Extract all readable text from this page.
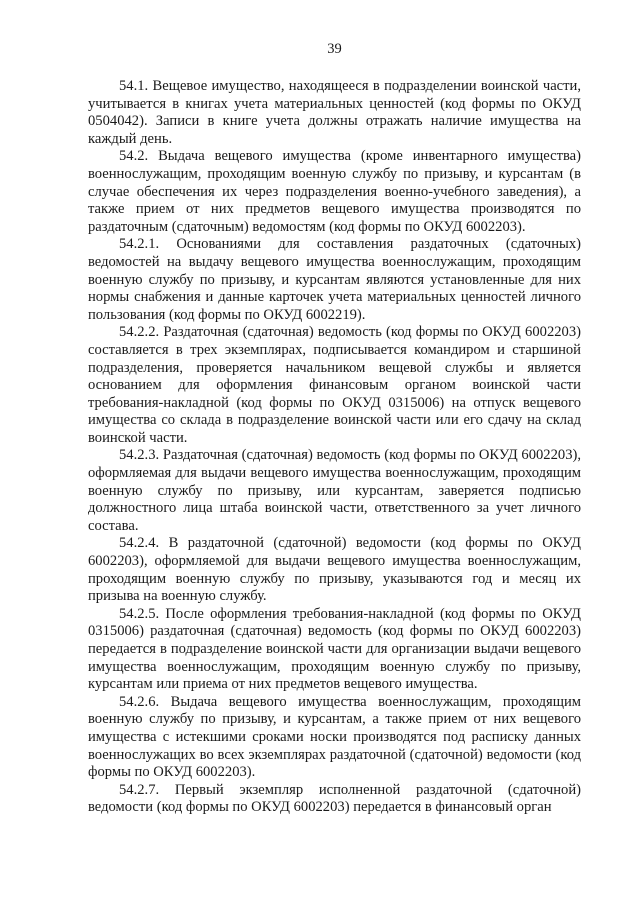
39

54.1. Вещевое имущество, находящееся в подразделении воинской части, учитывается в книгах учета материальных ценностей (код формы по ОКУД 0504042). Записи в книге учета должны отражать наличие имущества на каждый день.

54.2. Выдача вещевого имущества (кроме инвентарного имущества) военнослужащим, проходящим военную службу по призыву, и курсантам (в случае обеспечения их через подразделения военно-учебного заведения), а также прием от них предметов вещевого имущества производятся по раздаточным (сдаточным) ведомостям (код формы по ОКУД 6002203).

54.2.1. Основаниями для составления раздаточных (сдаточных) ведомостей на выдачу вещевого имущества военнослужащим, проходящим военную службу по призыву, и курсантам являются установленные для них нормы снабжения и данные карточек учета материальных ценностей личного пользования (код формы по ОКУД 6002219).

54.2.2. Раздаточная (сдаточная) ведомость (код формы по ОКУД 6002203) составляется в трех экземплярах, подписывается командиром и старшиной подразделения, проверяется начальником вещевой службы и является основанием для оформления финансовым органом воинской части требования-накладной (код формы по ОКУД 0315006) на отпуск вещевого имущества со склада в подразделение воинской части или его сдачу на склад воинской части.

54.2.3. Раздаточная (сдаточная) ведомость (код формы по ОКУД 6002203), оформляемая для выдачи вещевого имущества военнослужащим, проходящим военную службу по призыву, или курсантам, заверяется подписью должностного лица штаба воинской части, ответственного за учет личного состава.

54.2.4. В раздаточной (сдаточной) ведомости (код формы по ОКУД 6002203), оформляемой для выдачи вещевого имущества военнослужащим, проходящим военную службу по призыву, указываются год и месяц их призыва на военную службу.

54.2.5. После оформления требования-накладной (код формы по ОКУД 0315006) раздаточная (сдаточная) ведомость (код формы по ОКУД 6002203) передается в подразделение воинской части для организации выдачи вещевого имущества военнослужащим, проходящим военную службу по призыву, курсантам или приема от них предметов вещевого имущества.

54.2.6. Выдача вещевого имущества военнослужащим, проходящим военную службу по призыву, и курсантам, а также прием от них вещевого имущества с истекшими сроками носки производятся под расписку данных военнослужащих во всех экземплярах раздаточной (сдаточной) ведомости (код формы по ОКУД 6002203).

54.2.7. Первый экземпляр исполненной раздаточной (сдаточной) ведомости (код формы по ОКУД 6002203) передается в финансовый орган
